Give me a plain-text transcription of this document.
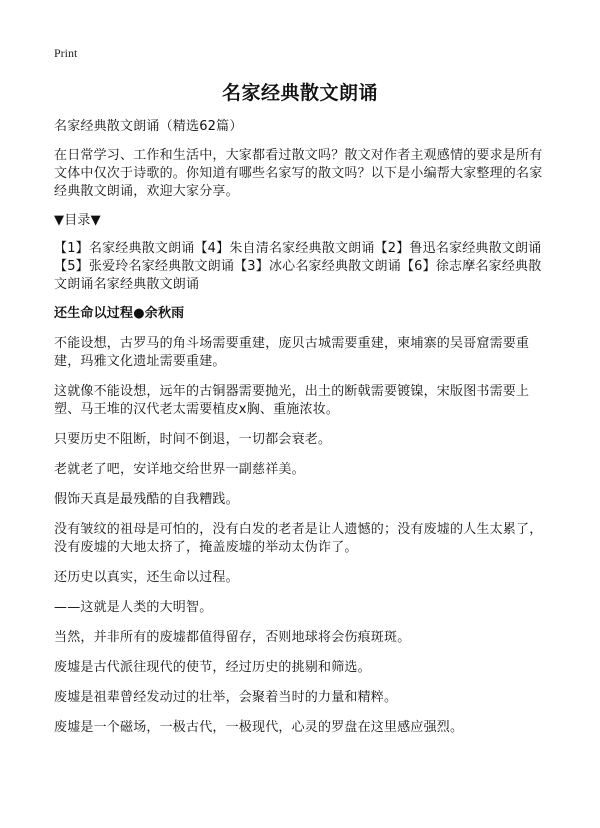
Print
名家经典散文朗诵

名家经典散文朗诵（精选62篇）

在日常学习、工作和生活中，大家都看过散文吗？散文对作者主观感情的要求是所有文体中仅次于诗歌的。你知道有哪些名家写的散文吗？以下是小编帮大家整理的名家经典散文朗诵，欢迎大家分享。

▼目录▼

【1】名家经典散文朗诵【4】朱自清名家经典散文朗诵【2】鲁迅名家经典散文朗诵【5】张爱玲名家经典散文朗诵【3】冰心名家经典散文朗诵【6】徐志摩名家经典散文朗诵名家经典散文朗诵

还生命以过程●余秋雨

不能设想，古罗马的角斗场需要重建，庞贝古城需要重建，柬埔寨的吴哥窟需要重建，玛雅文化遗址需要重建。

这就像不能设想，远年的古铜器需要抛光，出土的断戟需要镀镍，宋版图书需要上塑、马王堆的汉代老太需要植皮x胸、重施浓妆。

只要历史不阻断，时间不倒退，一切都会衰老。

老就老了吧，安详地交给世界一副慈祥美。

假饰天真是最残酷的自我糟践。

没有皱纹的祖母是可怕的，没有白发的老者是让人遗憾的；没有废墟的人生太累了，没有废墟的大地太挤了，掩盖废墟的举动太伪诈了。

还历史以真实，还生命以过程。

——这就是人类的大明智。

当然，并非所有的废墟都值得留存，否则地球将会伤痕斑斑。

废墟是古代派往现代的使节，经过历史的挑剔和筛选。

废墟是祖辈曾经发动过的壮举，会聚着当时的力量和精粹。

废墟是一个磁场，一极古代，一极现代，心灵的罗盘在这里感应强烈。
